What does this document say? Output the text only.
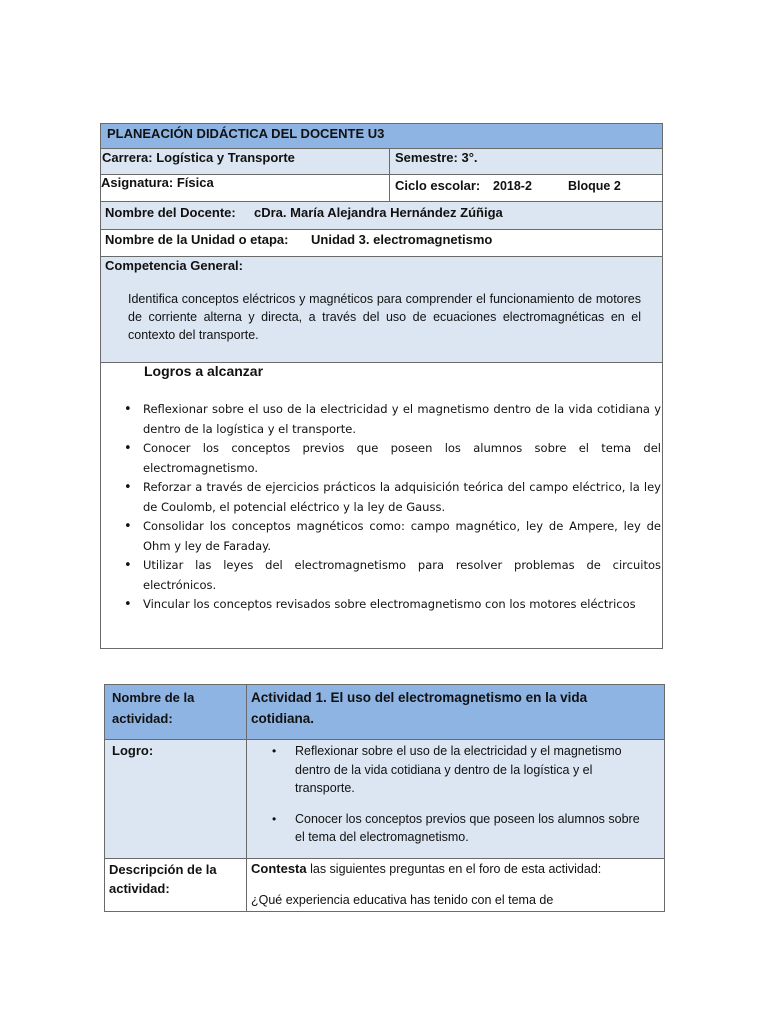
PLANEACIÓN DIDÁCTICA DEL DOCENTE U3
Carrera: Logística y Transporte	Semestre: 3°.
Asignatura: Física	Ciclo escolar: 2018-2	Bloque 2
Nombre del Docente: cDra. María Alejandra Hernández Zúñiga
Nombre de la Unidad o etapa: Unidad 3. electromagnetismo
Competencia General:
Identifica conceptos eléctricos y magnéticos para comprender el funcionamiento de motores de corriente alterna y directa, a través del uso de ecuaciones electromagnéticas en el contexto del transporte.
Logros a alcanzar
• Reflexionar sobre el uso de la electricidad y el magnetismo dentro de la vida cotidiana y dentro de la logística y el transporte.
• Conocer los conceptos previos que poseen los alumnos sobre el tema del electromagnetismo.
• Reforzar a través de ejercicios prácticos la adquisición teórica del campo eléctrico, la ley de Coulomb, el potencial eléctrico y la ley de Gauss.
• Consolidar los conceptos magnéticos como: campo magnético, ley de Ampere, ley de Ohm y ley de Faraday.
• Utilizar las leyes del electromagnetismo para resolver problemas de circuitos electrónicos.
• Vincular los conceptos revisados sobre electromagnetismo con los motores eléctricos
Nombre de la actividad:
Actividad 1. El uso del electromagnetismo en la vida cotidiana.
Logro:
•	Reflexionar sobre el uso de la electricidad y el magnetismo dentro de la vida cotidiana y dentro de la logística y el transporte.
• Conocer los conceptos previos que poseen los alumnos sobre el tema del electromagnetismo.
Descripción de la actividad:
Contesta las siguientes preguntas en el foro de esta actividad:
¿Qué experiencia educativa has tenido con el tema de
